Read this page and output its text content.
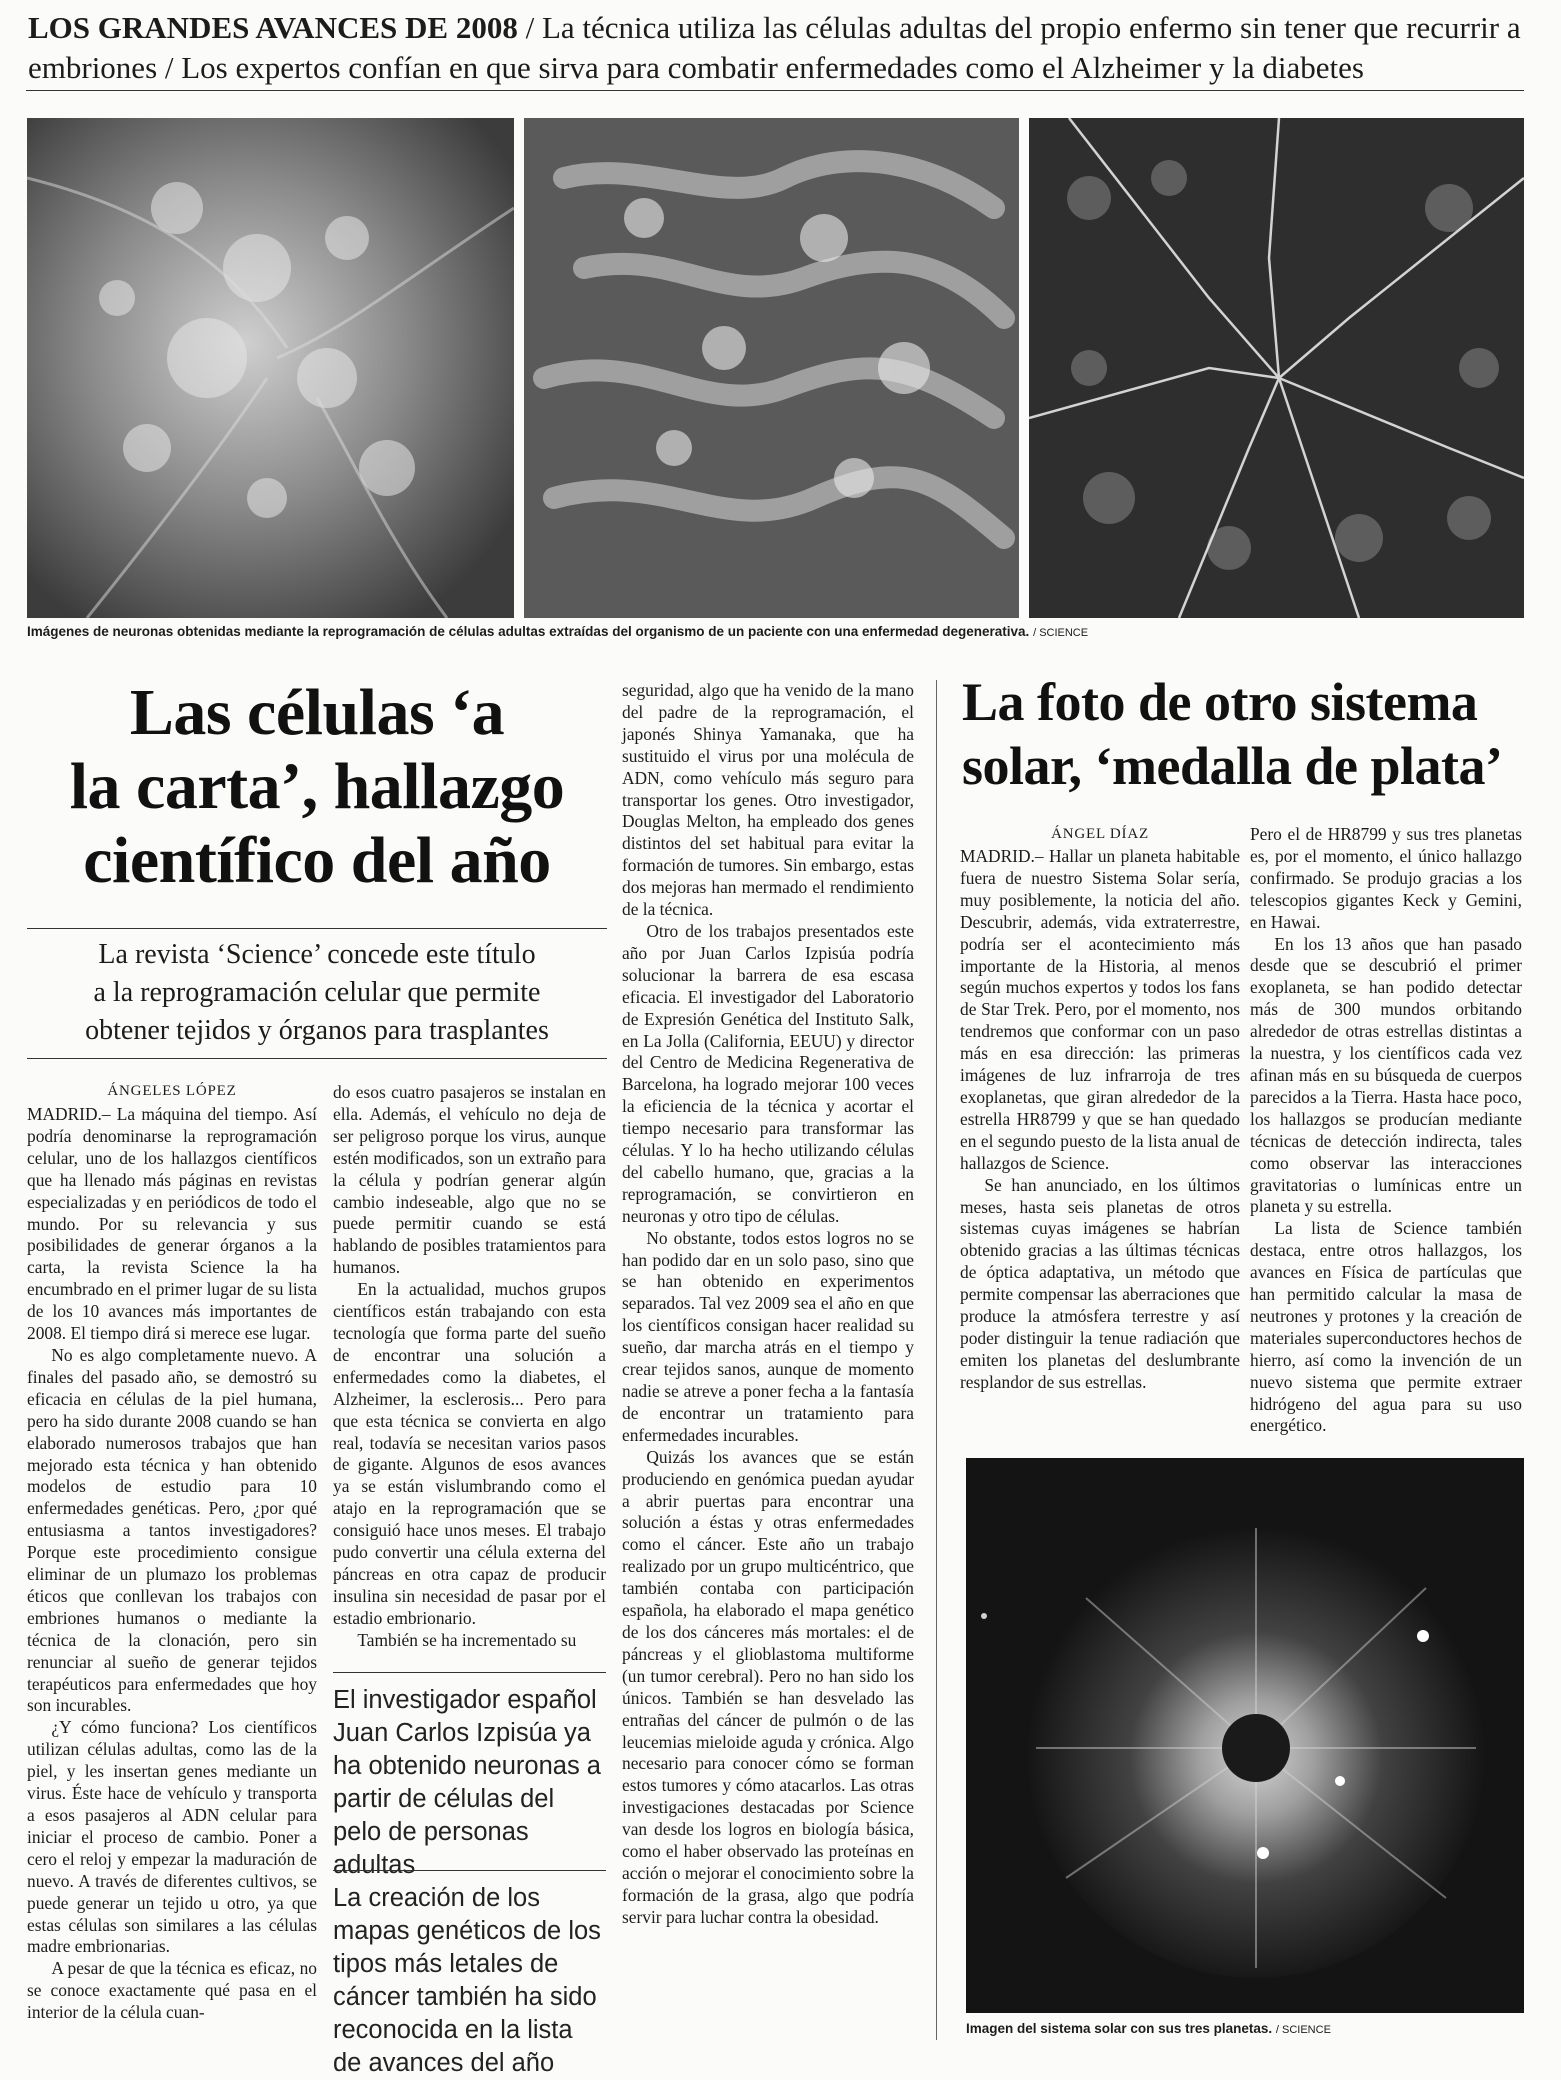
LOS GRANDES AVANCES DE 2008 / La técnica utiliza las células adultas del propio enfermo sin tener que recurrir a embriones / Los expertos confían en que sirva para combatir enfermedades como el Alzheimer y la diabetes
Imágenes de neuronas obtenidas mediante la reprogramación de células adultas extraídas del organismo de un paciente con una enfermedad degenerativa. / SCIENCE
Las células ‘a
la carta’, hallazgo
científico del año
La revista ‘Science’ concede este título
a la reprogramación celular que permite
obtener tejidos y órganos para trasplantes
ÁNGELES LÓPEZ

MADRID.– La máquina del tiempo. Así podría denominarse la reprogramación celular, uno de los hallazgos científicos que ha llenado más páginas en revistas especializadas y en periódicos de todo el mundo. Por su relevancia y sus posibilidades de generar órganos a la carta, la revista Science la ha encumbrado en el primer lugar de su lista de los 10 avances más importantes de 2008. El tiempo dirá si merece ese lugar.

No es algo completamente nuevo. A finales del pasado año, se demostró su eficacia en células de la piel humana, pero ha sido durante 2008 cuando se han elaborado numerosos trabajos que han mejorado esta técnica y han obtenido modelos de estudio para 10 enfermedades genéticas. Pero, ¿por qué entusiasma a tantos investigadores? Porque este procedimiento consigue eliminar de un plumazo los problemas éticos que conllevan los trabajos con embriones humanos o mediante la técnica de la clonación, pero sin renunciar al sueño de generar tejidos terapéuticos para enfermedades que hoy son incurables.

¿Y cómo funciona? Los científicos utilizan células adultas, como las de la piel, y les insertan genes mediante un virus. Éste hace de vehículo y transporta a esos pasajeros al ADN celular para iniciar el proceso de cambio. Poner a cero el reloj y empezar la maduración de nuevo. A través de diferentes cultivos, se puede generar un tejido u otro, ya que estas células son similares a las células madre embrionarias.

A pesar de que la técnica es eficaz, no se conoce exactamente qué pasa en el interior de la célula cuan-

do esos cuatro pasajeros se instalan en ella. Además, el vehículo no deja de ser peligroso porque los virus, aunque estén modificados, son un extraño para la célula y podrían generar algún cambio indeseable, algo que no se puede permitir cuando se está hablando de posibles tratamientos para humanos.

En la actualidad, muchos grupos científicos están trabajando con esta tecnología que forma parte del sueño de encontrar una solución a enfermedades como la diabetes, el Alzheimer, la esclerosis... Pero para que esta técnica se convierta en algo real, todavía se necesitan varios pasos de gigante. Algunos de esos avances ya se están vislumbrando como el atajo en la reprogramación que se consiguió hace unos meses. El trabajo pudo convertir una célula externa del páncreas en otra capaz de producir insulina sin necesidad de pasar por el estadio embrionario.

También se ha incrementado su

El investigador español Juan Carlos Izpisúa ya ha obtenido neuronas a partir de células del pelo de personas adultas
La creación de los mapas genéticos de los tipos más letales de cáncer también ha sido reconocida en la lista de avances del año

seguridad, algo que ha venido de la mano del padre de la reprogramación, el japonés Shinya Yamanaka, que ha sustituido el virus por una molécula de ADN, como vehículo más seguro para transportar los genes. Otro investigador, Douglas Melton, ha empleado dos genes distintos del set habitual para evitar la formación de tumores. Sin embargo, estas dos mejoras han mermado el rendimiento de la técnica.

Otro de los trabajos presentados este año por Juan Carlos Izpisúa podría solucionar la barrera de esa escasa eficacia. El investigador del Laboratorio de Expresión Genética del Instituto Salk, en La Jolla (California, EEUU) y director del Centro de Medicina Regenerativa de Barcelona, ha logrado mejorar 100 veces la eficiencia de la técnica y acortar el tiempo necesario para transformar las células. Y lo ha hecho utilizando células del cabello humano, que, gracias a la reprogramación, se convirtieron en neuronas y otro tipo de células.

No obstante, todos estos logros no se han podido dar en un solo paso, sino que se han obtenido en experimentos separados. Tal vez 2009 sea el año en que los científicos consigan hacer realidad su sueño, dar marcha atrás en el tiempo y crear tejidos sanos, aunque de momento nadie se atreve a poner fecha a la fantasía de encontrar un tratamiento para enfermedades incurables.

Quizás los avances que se están produciendo en genómica puedan ayudar a abrir puertas para encontrar una solución a éstas y otras enfermedades como el cáncer. Este año un trabajo realizado por un grupo multicéntrico, que también contaba con participación española, ha elaborado el mapa genético de los dos cánceres más mortales: el de páncreas y el glioblastoma multiforme (un tumor cerebral). Pero no han sido los únicos. También se han desvelado las entrañas del cáncer de pulmón o de las leucemias mieloide aguda y crónica. Algo necesario para conocer cómo se forman estos tumores y cómo atacarlos. Las otras investigaciones destacadas por Science van desde los logros en biología básica, como el haber observado las proteínas en acción o mejorar el conocimiento sobre la formación de la grasa, algo que podría servir para luchar contra la obesidad.

La foto de otro sistema
solar, ‘medalla de plata’
ÁNGEL DÍAZ

MADRID.– Hallar un planeta habitable fuera de nuestro Sistema Solar sería, muy posiblemente, la noticia del año. Descubrir, además, vida extraterrestre, podría ser el acontecimiento más importante de la Historia, al menos según muchos expertos y todos los fans de Star Trek. Pero, por el momento, nos tendremos que conformar con un paso más en esa dirección: las primeras imágenes de luz infrarroja de tres exoplanetas, que giran alrededor de la estrella HR8799 y que se han quedado en el segundo puesto de la lista anual de hallazgos de Science.

Se han anunciado, en los últimos meses, hasta seis planetas de otros sistemas cuyas imágenes se habrían obtenido gracias a las últimas técnicas de óptica adaptativa, un método que permite compensar las aberraciones que produce la atmósfera terrestre y así poder distinguir la tenue radiación que emiten los planetas del deslumbrante resplandor de sus estrellas.

Pero el de HR8799 y sus tres planetas es, por el momento, el único hallazgo confirmado. Se produjo gracias a los telescopios gigantes Keck y Gemini, en Hawai.

En los 13 años que han pasado desde que se descubrió el primer exoplaneta, se han podido detectar más de 300 mundos orbitando alrededor de otras estrellas distintas a la nuestra, y los científicos cada vez afinan más en su búsqueda de cuerpos parecidos a la Tierra. Hasta hace poco, los hallazgos se producían mediante técnicas de detección indirecta, tales como observar las interacciones gravitatorias o lumínicas entre un planeta y su estrella.

La lista de Science también destaca, entre otros hallazgos, los avances en Física de partículas que han permitido calcular la masa de neutrones y protones y la creación de materiales superconductores hechos de hierro, así como la invención de un nuevo sistema que permite extraer hidrógeno del agua para su uso energético.

Imagen del sistema solar con sus tres planetas. / SCIENCE
